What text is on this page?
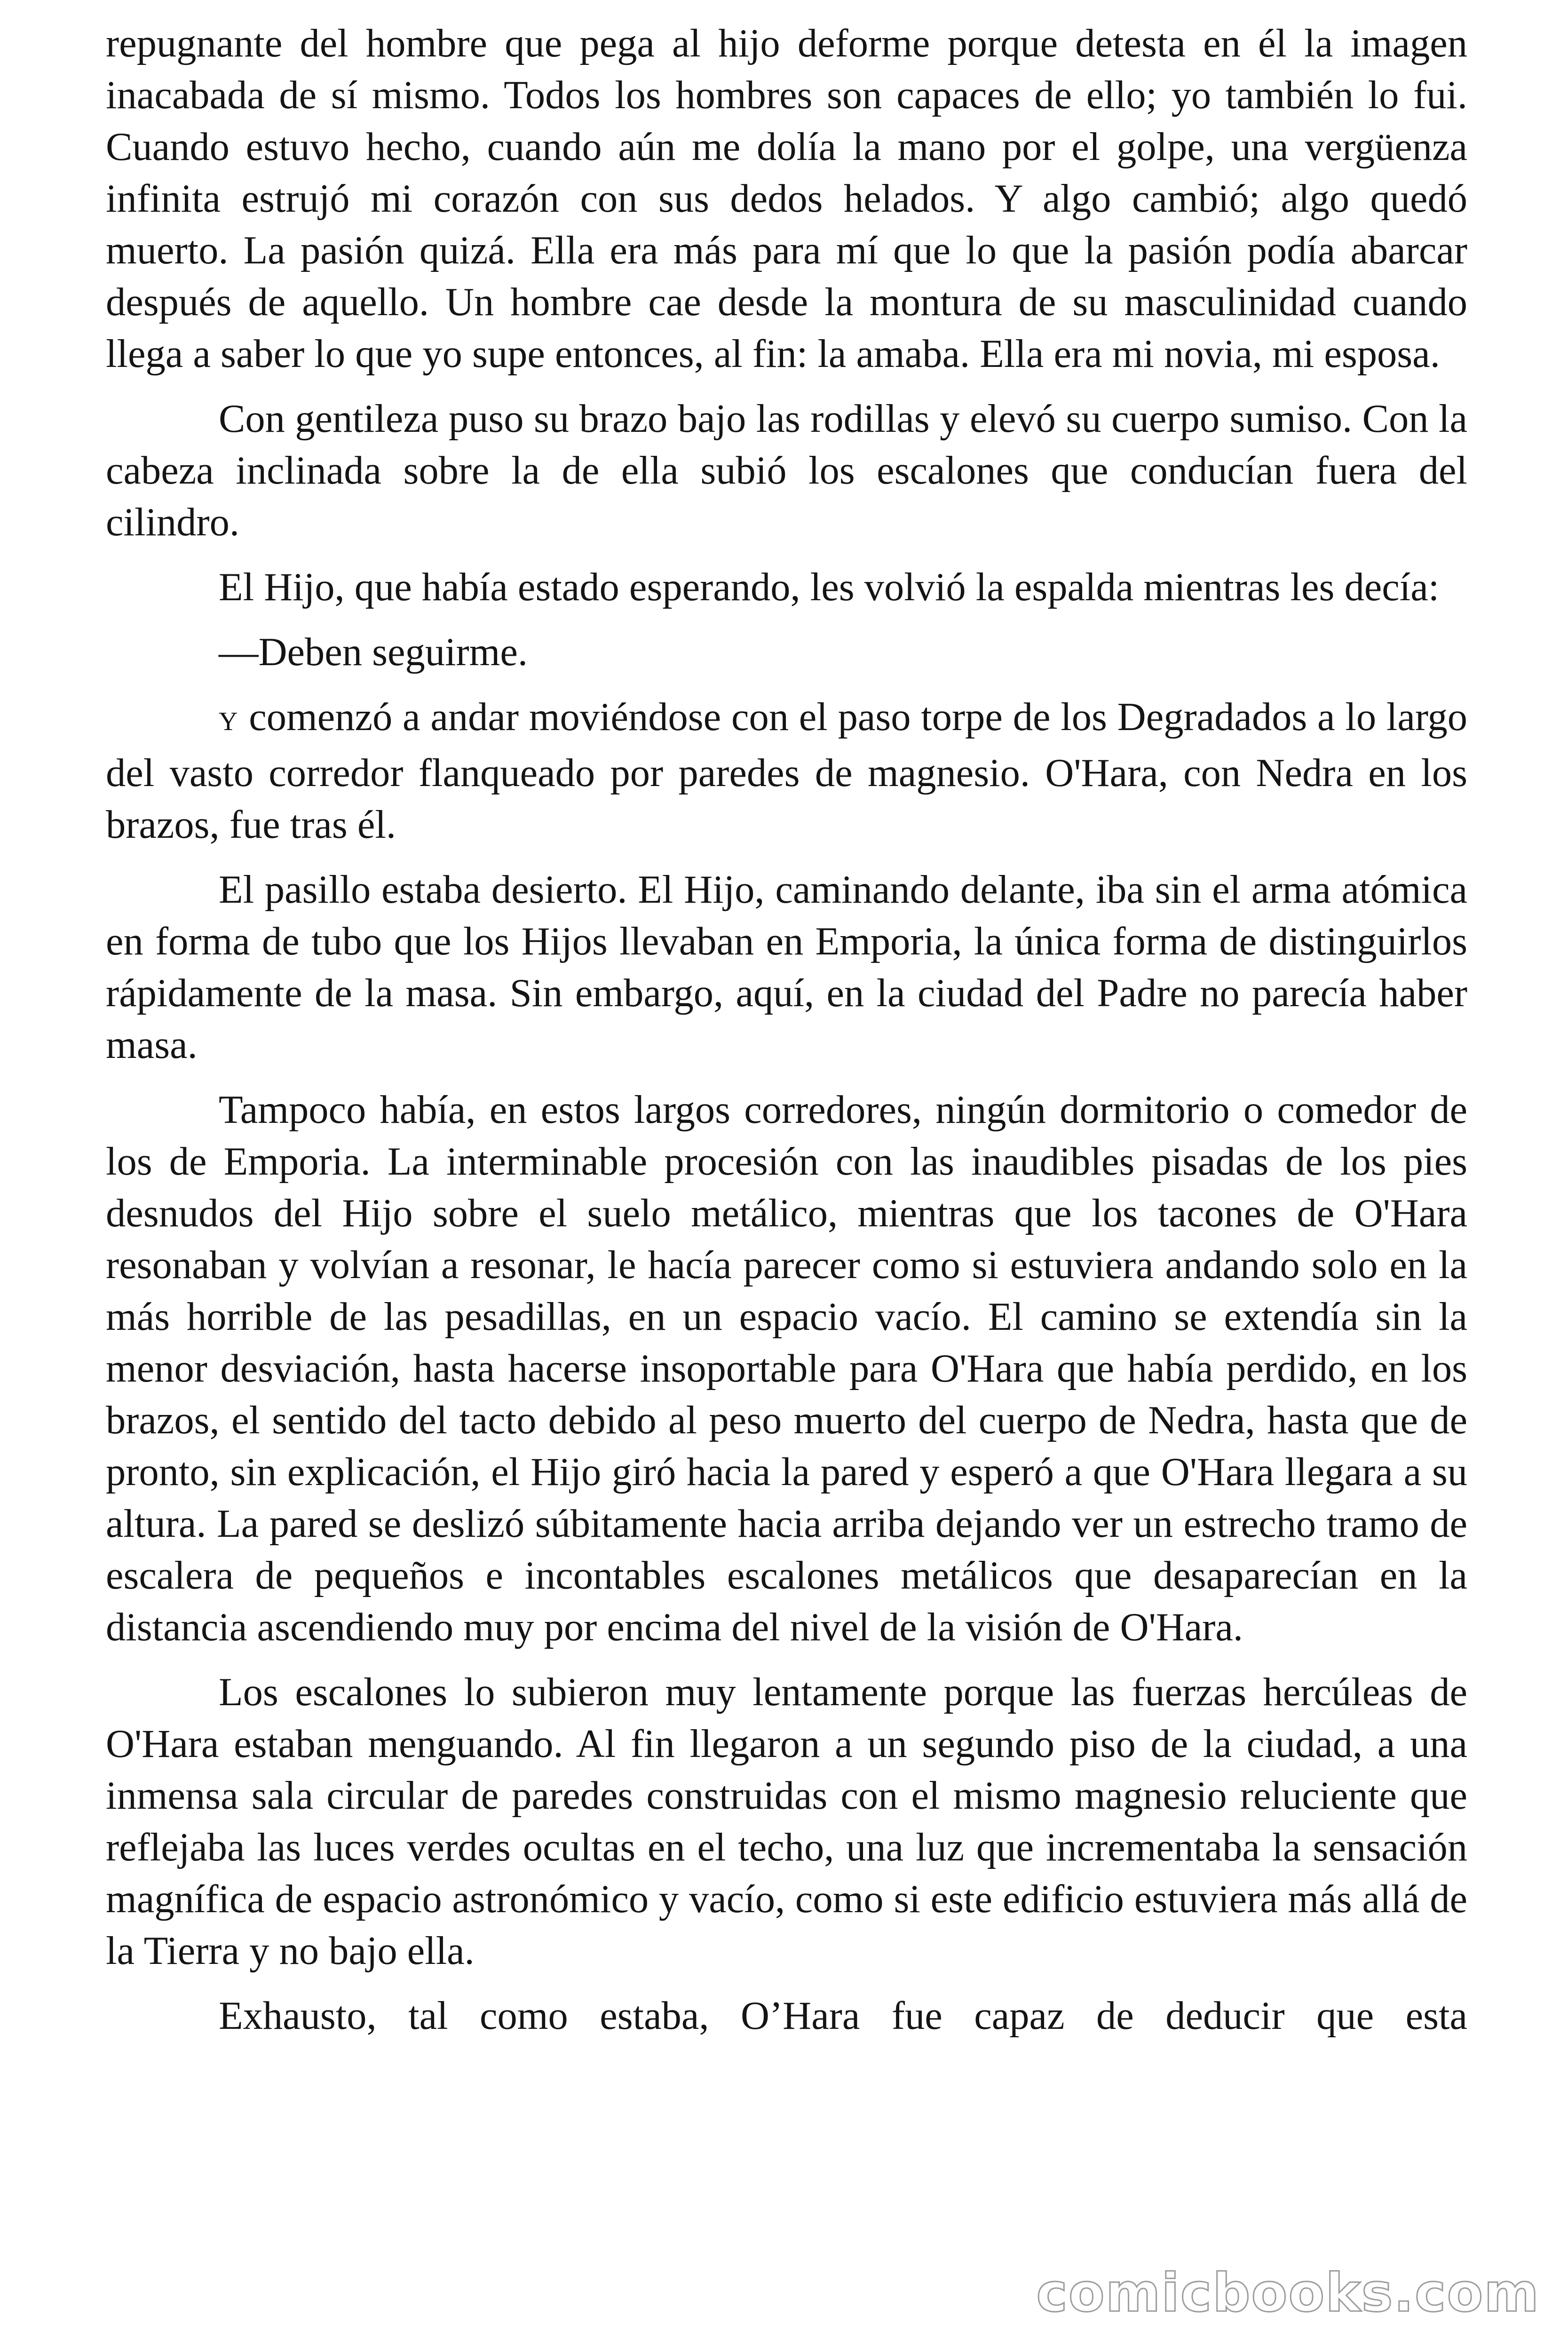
repugnante del hombre que pega al hijo deforme porque detesta en él la imagen inacabada de sí mismo. Todos los hombres son capaces de ello; yo también lo fui. Cuando estuvo hecho, cuando aún me dolía la mano por el golpe, una vergüenza infinita estrujó mi corazón con sus dedos helados. Y algo cambió; algo quedó muerto. La pasión quizá. Ella era más para mí que lo que la pasión podía abarcar después de aquello. Un hombre cae desde la montura de su masculinidad cuando llega a saber lo que yo supe entonces, al fin: la amaba. Ella era mi novia, mi esposa.

Con gentileza puso su brazo bajo las rodillas y elevó su cuerpo sumiso. Con la cabeza inclinada sobre la de ella subió los escalones que conducían fuera del cilindro.

El Hijo, que había estado esperando, les volvió la espalda mientras les decía:

—Deben seguirme.

Y comenzó a andar moviéndose con el paso torpe de los Degradados a lo largo del vasto corredor flanqueado por paredes de magnesio. O'Hara, con Nedra en los brazos, fue tras él.

El pasillo estaba desierto. El Hijo, caminando delante, iba sin el arma atómica en forma de tubo que los Hijos llevaban en Emporia, la única forma de distinguirlos rápidamente de la masa. Sin embargo, aquí, en la ciudad del Padre no parecía haber masa.

Tampoco había, en estos largos corredores, ningún dormitorio o comedor de los de Emporia. La interminable procesión con las inaudibles pisadas de los pies desnudos del Hijo sobre el suelo metálico, mientras que los tacones de O'Hara resonaban y volvían a resonar, le hacía parecer como si estuviera andando solo en la más horrible de las pesadillas, en un espacio vacío. El camino se extendía sin la menor desviación, hasta hacerse insoportable para O'Hara que había perdido, en los brazos, el sentido del tacto debido al peso muerto del cuerpo de Nedra, hasta que de pronto, sin explicación, el Hijo giró hacia la pared y esperó a que O'Hara llegara a su altura. La pared se deslizó súbitamente hacia arriba dejando ver un estrecho tramo de escalera de pequeños e incontables escalones metálicos que desaparecían en la distancia ascendiendo muy por encima del nivel de la visión de O'Hara.

Los escalones lo subieron muy lentamente porque las fuerzas hercúleas de O'Hara estaban menguando. Al fin llegaron a un segundo piso de la ciudad, a una inmensa sala circular de paredes construidas con el mismo magnesio reluciente que reflejaba las luces verdes ocultas en el techo, una luz que incrementaba la sensación magnífica de espacio astronómico y vacío, como si este edificio estuviera más allá de la Tierra y no bajo ella.

Exhausto, tal como estaba, O’Hara fue capaz de deducir que esta

comicbooks.com
